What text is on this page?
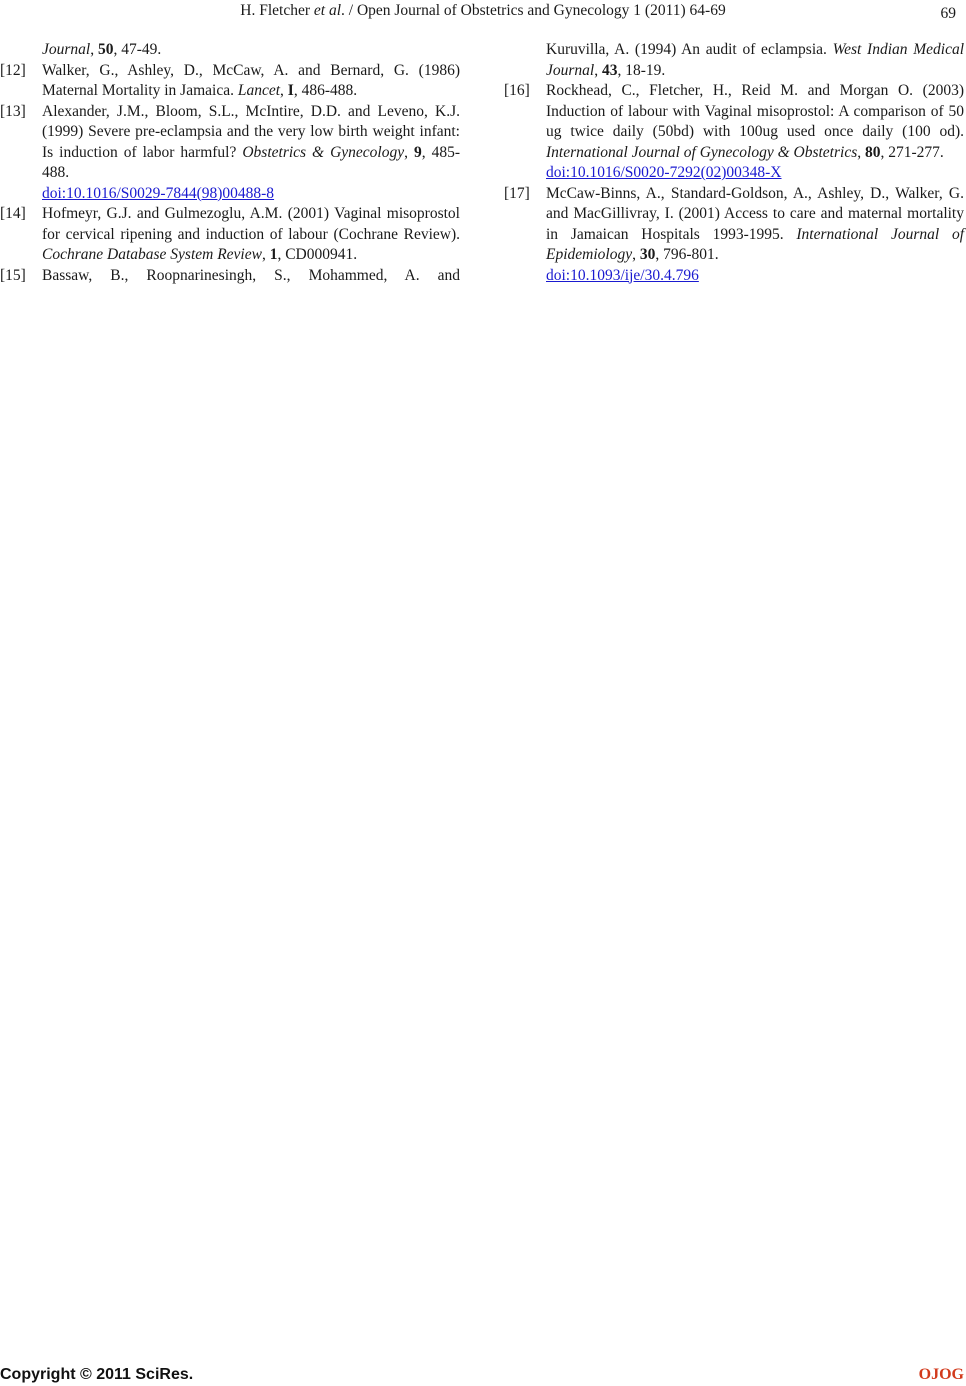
H. Fletcher et al. / Open Journal of Obstetrics and Gynecology 1 (2011) 64-69	69

Journal, 50, 47-49.

[12] Walker, G., Ashley, D., McCaw, A. and Bernard, G. (1986) Maternal Mortality in Jamaica. Lancet, I, 486-488.

[13] Alexander, J.M., Bloom, S.L., McIntire, D.D. and Leveno, K.J. (1999) Severe pre-eclampsia and the very low birth weight infant: Is induction of labor harmful? Obstetrics & Gynecology, 9, 485-488.
doi:10.1016/S0029-7844(98)00488-8

[14] Hofmeyr, G.J. and Gulmezoglu, A.M. (2001) Vaginal misoprostol for cervical ripening and induction of labour (Cochrane Review). Cochrane Database System Review, 1, CD000941.

[15] Bassaw, B., Roopnarinesingh, S., Mohammed, A. and

Kuruvilla, A. (1994) An audit of eclampsia. West Indian Medical Journal, 43, 18-19.

[16] Rockhead, C., Fletcher, H., Reid M. and Morgan O. (2003) Induction of labour with Vaginal misoprostol: A comparison of 50 ug twice daily (50bd) with 100ug used once daily (100 od). International Journal of Gynecology & Obstetrics, 80, 271-277.
doi:10.1016/S0020-7292(02)00348-X

[17] McCaw-Binns, A., Standard-Goldson, A., Ashley, D., Walker, G. and MacGillivray, I. (2001) Access to care and maternal mortality in Jamaican Hospitals 1993-1995. International Journal of Epidemiology, 30, 796-801.
doi:10.1093/ije/30.4.796

Copyright © 2011 SciRes.	OJOG
